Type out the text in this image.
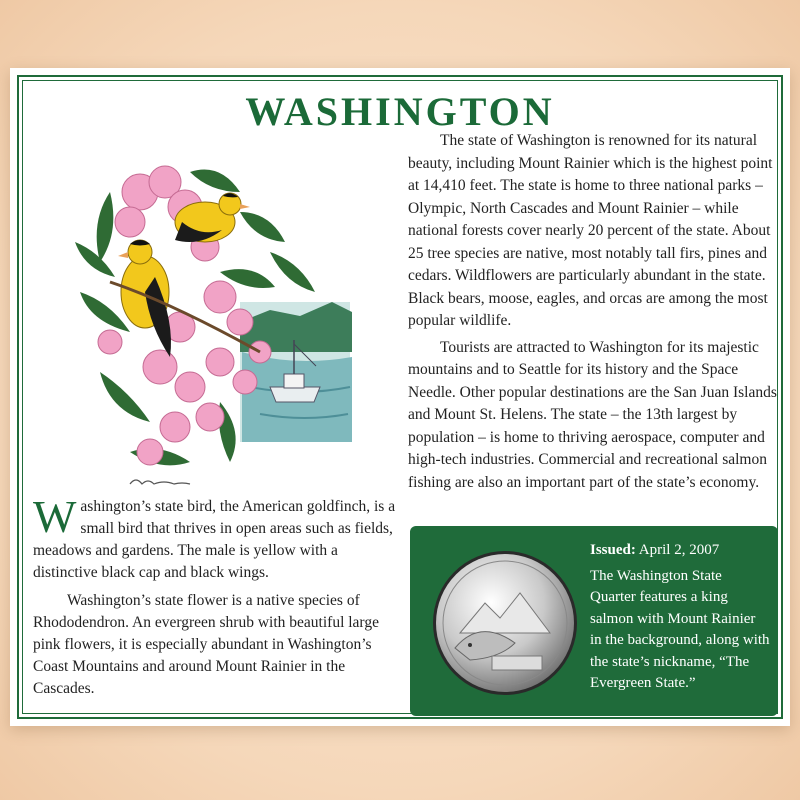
WASHINGTON

The state of Washington is renowned for its natural beauty, including Mount Rainier which is the highest point at 14,410 feet. The state is home to three national parks – Olympic, North Cascades and Mount Rainier – while national forests cover nearly 20 percent of the state. About 25 tree species are native, most notably tall firs, pines and cedars. Wildflowers are particularly abundant in the state. Black bears, moose, eagles, and orcas are among the most popular wildlife.

Tourists are attracted to Washington for its majestic mountains and to Seattle for its history and the Space Needle. Other popular destinations are the San Juan Islands and Mount St. Helens. The state – the 13th largest by population – is home to thriving aerospace, computer and high-tech industries. Commercial and recreational salmon fishing are also an important part of the state’s economy.

Washington’s state bird, the American goldfinch, is a small bird that thrives in open areas such as fields, meadows and gardens. The male is yellow with a distinctive black cap and black wings.

Washington’s state flower is a native species of Rhododendron. An evergreen shrub with beautiful large pink flowers, it is especially abundant in Washington’s Coast Mountains and around Mount Rainier in the Cascades.

Issued: April 2, 2007
The Washington State Quarter features a king salmon with Mount Rainier in the background, along with the state’s nickname, “The Evergreen State.”
